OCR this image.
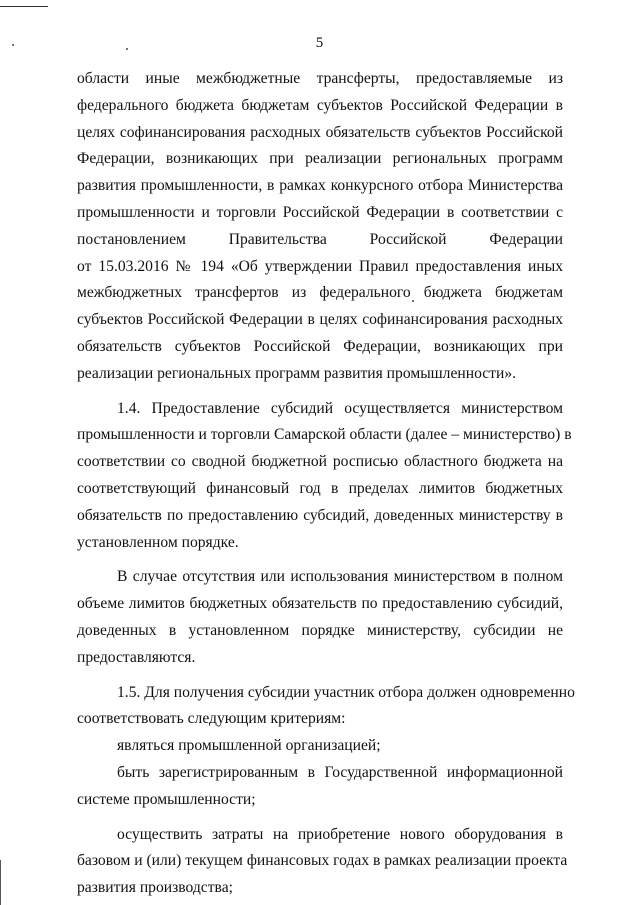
5
области иные межбюджетные трансферты, предоставляемые из
федерального бюджета бюджетам субъектов Российской Федерации в
целях софинансирования расходных обязательств субъектов Российской
Федерации, возникающих при реализации региональных программ
развития промышленности, в рамках конкурсного отбора Министерства
промышленности и торговли Российской Федерации в соответствии с
постановлением Правительства Российской Федерации
от 15.03.2016 № 194 «Об утверждении Правил предоставления иных
межбюджетных трансфертов из федерального бюджета бюджетам
субъектов Российской Федерации в целях софинансирования расходных
обязательств субъектов Российской Федерации, возникающих при
реализации региональных программ развития промышленности».
1.4. Предоставление субсидий осуществляется министерством
промышленности и торговли Самарской области (далее – министерство) в
соответствии со сводной бюджетной росписью областного бюджета на
соответствующий финансовый год в пределах лимитов бюджетных
обязательств по предоставлению субсидий, доведенных министерству в
установленном порядке.
В случае отсутствия или использования министерством в полном
объеме лимитов бюджетных обязательств по предоставлению субсидий,
доведенных в установленном порядке министерству, субсидии не
предоставляются.
1.5. Для получения субсидии участник отбора должен одновременно
соответствовать следующим критериям:
являться промышленной организацией;
быть зарегистрированным в Государственной информационной
системе промышленности;
осуществить затраты на приобретение нового оборудования в
базовом и (или) текущем финансовых годах в рамках реализации проекта
развития производства;
